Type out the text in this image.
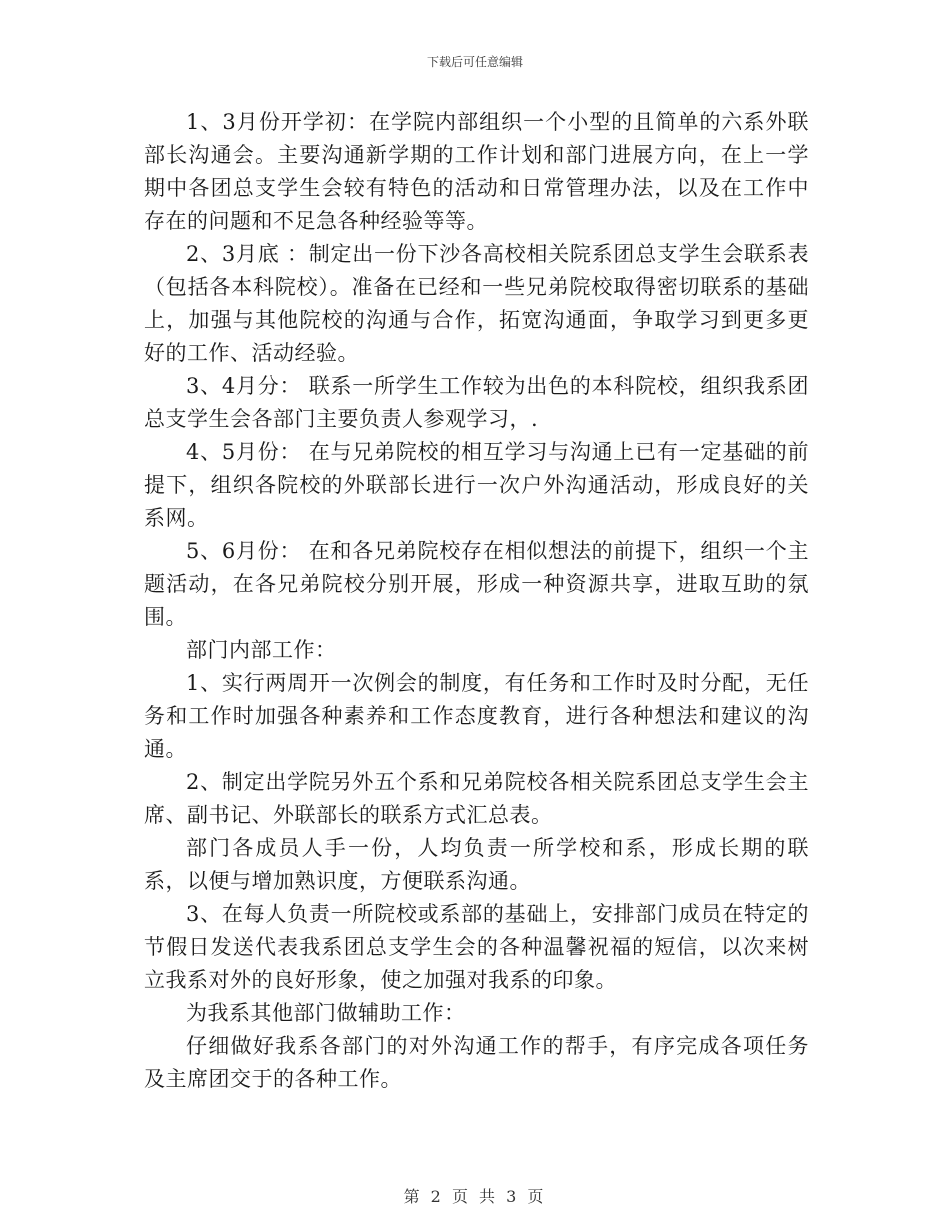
下载后可任意编辑

1、3月份开学初：在学院内部组织一个小型的且简单的六系外联部长沟通会。主要沟通新学期的工作计划和部门进展方向，在上一学期中各团总支学生会较有特色的活动和日常管理办法，以及在工作中存在的问题和不足急各种经验等等。

2、3月底 ：制定出一份下沙各高校相关院系团总支学生会联系表（包括各本科院校）。准备在已经和一些兄弟院校取得密切联系的基础上，加强与其他院校的沟通与合作，拓宽沟通面，争取学习到更多更好的工作、活动经验。

3、4月分： 联系一所学生工作较为出色的本科院校，组织我系团总支学生会各部门主要负责人参观学习，.

4、5月份： 在与兄弟院校的相互学习与沟通上已有一定基础的前提下，组织各院校的外联部长进行一次户外沟通活动，形成良好的关系网。

5、6月份： 在和各兄弟院校存在相似想法的前提下，组织一个主题活动，在各兄弟院校分别开展，形成一种资源共享，进取互助的氛围。

部门内部工作：

1、实行两周开一次例会的制度，有任务和工作时及时分配，无任务和工作时加强各种素养和工作态度教育，进行各种想法和建议的沟通。

2、制定出学院另外五个系和兄弟院校各相关院系团总支学生会主席、副书记、外联部长的联系方式汇总表。

部门各成员人手一份，人均负责一所学校和系，形成长期的联系，以便与增加熟识度，方便联系沟通。

3、在每人负责一所院校或系部的基础上，安排部门成员在特定的节假日发送代表我系团总支学生会的各种温馨祝福的短信，以次来树立我系对外的良好形象，使之加强对我系的印象。

为我系其他部门做辅助工作：

仔细做好我系各部门的对外沟通工作的帮手，有序完成各项任务及主席团交于的各种工作。

第 2 页 共 3 页
